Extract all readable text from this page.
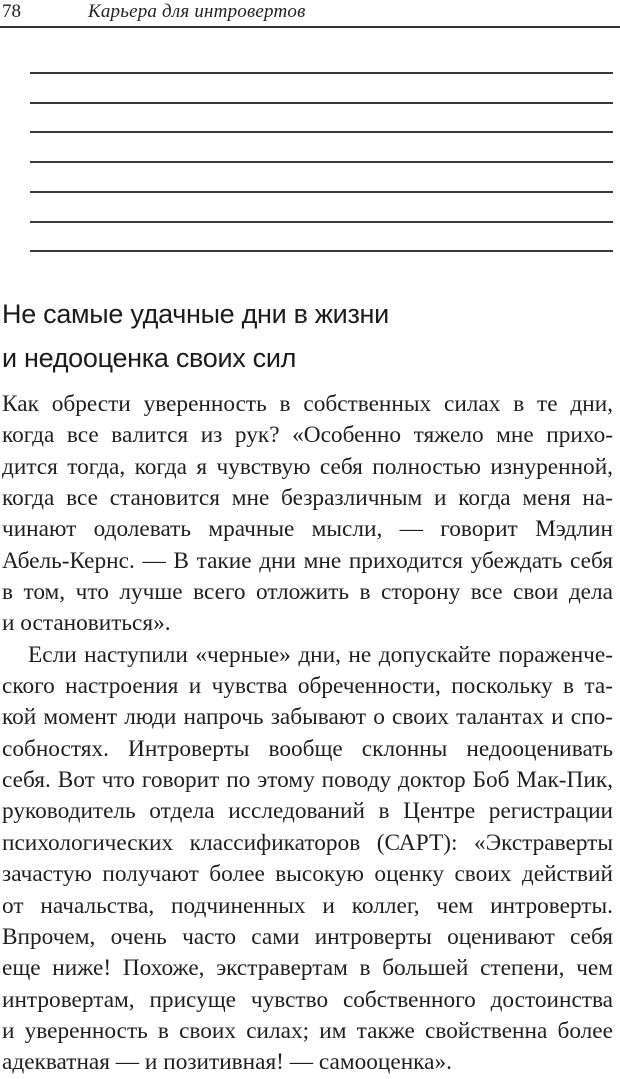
78	Карьера для интровертов
Не самые удачные дни в жизни
и недооценка своих сил

Как обрести уверенность в собственных силах в те дни,
когда все валится из рук? «Особенно тяжело мне прихо-
дится тогда, когда я чувствую себя полностью изнуренной,
когда все становится мне безразличным и когда меня на-
чинают одолевать мрачные мысли, — говорит Мэдлин
Абель-Кернс. — В такие дни мне приходится убеждать себя
в том, что лучше всего отложить в сторону все свои дела
и остановиться».

Если наступили «черные» дни, не допускайте пораженче-
ского настроения и чувства обреченности, поскольку в та-
кой момент люди напрочь забывают о своих талантах и спо-
собностях. Интроверты вообще склонны недооценивать
себя. Вот что говорит по этому поводу доктор Боб Мак-Пик,
руководитель отдела исследований в Центре регистрации
психологических классификаторов (САРТ): «Экстраверты
зачастую получают более высокую оценку своих действий
от начальства, подчиненных и коллег, чем интроверты.
Впрочем, очень часто сами интроверты оценивают себя
еще ниже! Похоже, экстравертам в большей степени, чем
интровертам, присуще чувство собственного достоинства
и уверенность в своих силах; им также свойственна более
адекватная — и позитивная! — самооценка».
